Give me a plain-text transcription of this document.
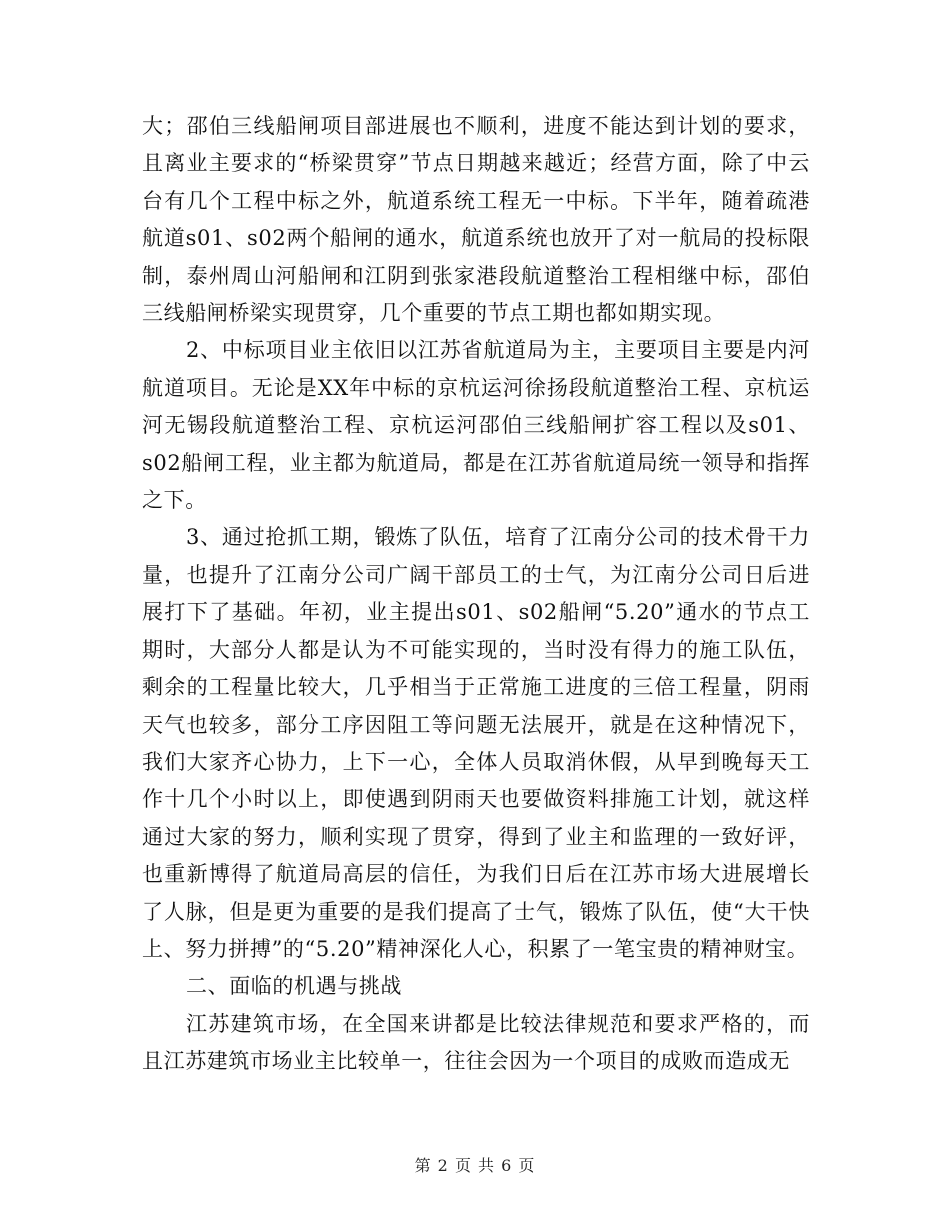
大；邵伯三线船闸项目部进展也不顺利，进度不能达到计划的要求，且离业主要求的“桥梁贯穿”节点日期越来越近；经营方面，除了中云台有几个工程中标之外，航道系统工程无一中标。下半年，随着疏港航道s01、s02两个船闸的通水，航道系统也放开了对一航局的投标限制，泰州周山河船闸和江阴到张家港段航道整治工程相继中标，邵伯三线船闸桥梁实现贯穿，几个重要的节点工期也都如期实现。

2、中标项目业主依旧以江苏省航道局为主，主要项目主要是内河航道项目。无论是XX年中标的京杭运河徐扬段航道整治工程、京杭运河无锡段航道整治工程、京杭运河邵伯三线船闸扩容工程以及s01、s02船闸工程，业主都为航道局，都是在江苏省航道局统一领导和指挥之下。

3、通过抢抓工期，锻炼了队伍，培育了江南分公司的技术骨干力量，也提升了江南分公司广阔干部员工的士气，为江南分公司日后进展打下了基础。年初，业主提出s01、s02船闸“5.20”通水的节点工期时，大部分人都是认为不可能实现的，当时没有得力的施工队伍，剩余的工程量比较大，几乎相当于正常施工进度的三倍工程量，阴雨天气也较多，部分工序因阻工等问题无法展开，就是在这种情况下，我们大家齐心协力，上下一心，全体人员取消休假，从早到晚每天工作十几个小时以上，即使遇到阴雨天也要做资料排施工计划，就这样通过大家的努力，顺利实现了贯穿，得到了业主和监理的一致好评，也重新博得了航道局高层的信任，为我们日后在江苏市场大进展增长了人脉，但是更为重要的是我们提高了士气，锻炼了队伍，使“大干快上、努力拼搏”的“5.20”精神深化人心，积累了一笔宝贵的精神财宝。

二、面临的机遇与挑战

江苏建筑市场，在全国来讲都是比较法律规范和要求严格的，而且江苏建筑市场业主比较单一，往往会因为一个项目的成败而造成无

第 2 页 共 6 页
